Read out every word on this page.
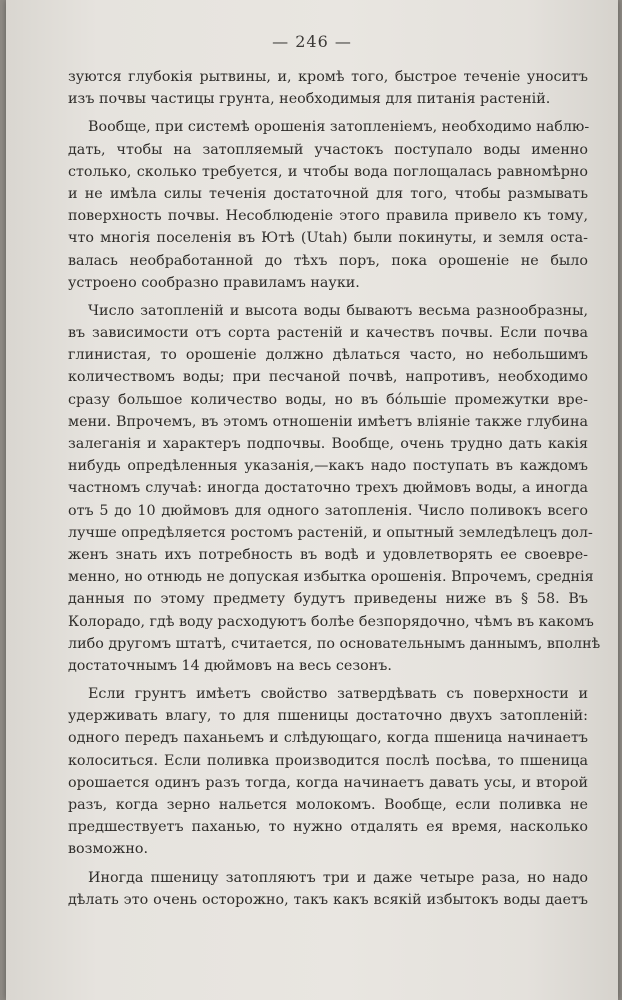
— 246 —
зуются глубокія рытвины, и, кромѣ того, быстрое теченіе уноситъ
изъ почвы частицы грунта, необходимыя для питанія растеній.
Вообще, при системѣ орошенія затопленіемъ, необходимо наблю-
дать, чтобы на затопляемый участокъ поступало воды именно
столько, сколько требуется, и чтобы вода поглощалась равномѣрно
и не имѣла силы теченія достаточной для того, чтобы размывать
поверхность почвы. Несоблюденіе этого правила привело къ тому,
что многія поселенія въ Ютѣ (Utah) были покинуты, и земля оста-
валась необработанной до тѣхъ поръ, пока орошеніе не было
устроено сообразно правиламъ науки.
Число затопленій и высота воды бываютъ весьма разнообразны,
въ зависимости отъ сорта растеній и качествъ почвы. Если почва
глинистая, то орошеніе должно дѣлаться часто, но небольшимъ
количествомъ воды; при песчаной почвѣ, напротивъ, необходимо
сразу большое количество воды, но въ бóльшіе промежутки вре-
мени. Впрочемъ, въ этомъ отношеніи имѣетъ вліяніе также глубина
залеганія и характеръ подпочвы. Вообще, очень трудно дать какія
нибудь опредѣленныя указанія,—какъ надо поступать въ каждомъ
частномъ случаѣ: иногда достаточно трехъ дюймовъ воды, а иногда
отъ 5 до 10 дюймовъ для одного затопленія. Число поливокъ всего
лучше опредѣляется ростомъ растеній, и опытный земледѣлецъ дол-
женъ знать ихъ потребность въ водѣ и удовлетворять ее своевре-
менно, но отнюдь не допуская избытка орошенія. Впрочемъ, среднія
данныя по этому предмету будутъ приведены ниже въ § 58. Въ
Колорадо, гдѣ воду расходуютъ болѣе безпорядочно, чѣмъ въ какомъ
либо другомъ штатѣ, считается, по основательнымъ даннымъ, вполнѣ
достаточнымъ 14 дюймовъ на весь сезонъ.
Если грунтъ имѣетъ свойство затвердѣвать съ поверхности и
удерживать влагу, то для пшеницы достаточно двухъ затопленій:
одного передъ паханьемъ и слѣдующаго, когда пшеница начинаетъ
колоситься. Если поливка производится послѣ посѣва, то пшеница
орошается одинъ разъ тогда, когда начинаетъ давать усы, и второй
разъ, когда зерно нальется молокомъ. Вообще, если поливка не
предшествуетъ паханью, то нужно отдалять ея время, насколько
возможно.
Иногда пшеницу затопляютъ три и даже четыре раза, но надо
дѣлать это очень осторожно, такъ какъ всякій избытокъ воды даетъ
